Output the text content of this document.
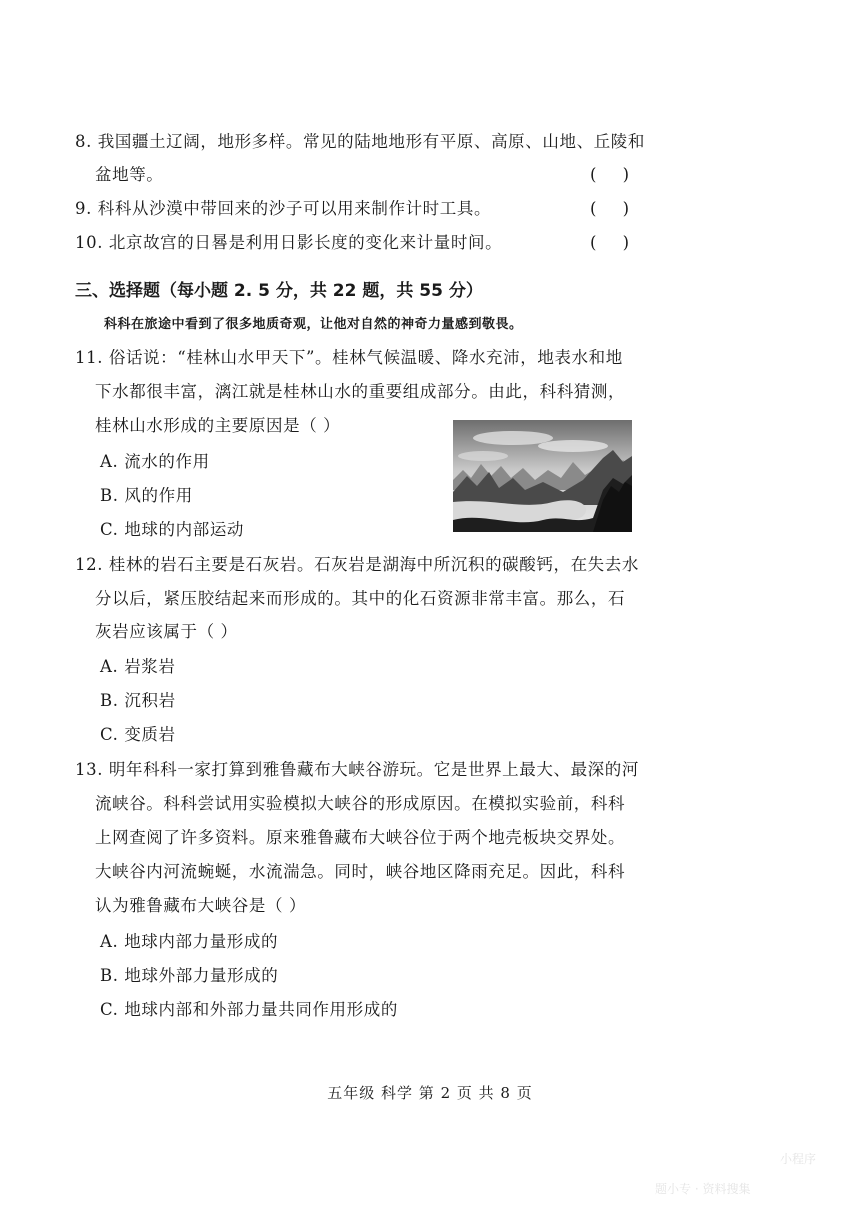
8. 我国疆土辽阔，地形多样。常见的陆地地形有平原、高原、山地、丘陵和
盆地等。	(     )
9. 科科从沙漠中带回来的沙子可以用来制作计时工具。	(     )
10. 北京故宫的日晷是利用日影长度的变化来计量时间。	(     )
三、选择题（每小题 2. 5 分，共 22 题，共 55 分）
科科在旅途中看到了很多地质奇观，让他对自然的神奇力量感到敬畏。
11. 俗话说：“桂林山水甲天下”。桂林气候温暖、降水充沛，地表水和地
下水都很丰富，漓江就是桂林山水的重要组成部分。由此，科科猜测，
桂林山水形成的主要原因是（ ）
A. 流水的作用
B. 风的作用
C. 地球的内部运动
12. 桂林的岩石主要是石灰岩。石灰岩是湖海中所沉积的碳酸钙，在失去水
分以后，紧压胶结起来而形成的。其中的化石资源非常丰富。那么，石
灰岩应该属于（ ）
A. 岩浆岩
B. 沉积岩
C. 变质岩
13. 明年科科一家打算到雅鲁藏布大峡谷游玩。它是世界上最大、最深的河
流峡谷。科科尝试用实验模拟大峡谷的形成原因。在模拟实验前，科科
上网查阅了许多资料。原来雅鲁藏布大峡谷位于两个地壳板块交界处。
大峡谷内河流蜿蜒，水流湍急。同时，峡谷地区降雨充足。因此，科科
认为雅鲁藏布大峡谷是（ ）
A. 地球内部力量形成的
B. 地球外部力量形成的
C. 地球内部和外部力量共同作用形成的
五年级 科学 第 2 页 共 8 页
小程序
题小专 · 资料搜集
